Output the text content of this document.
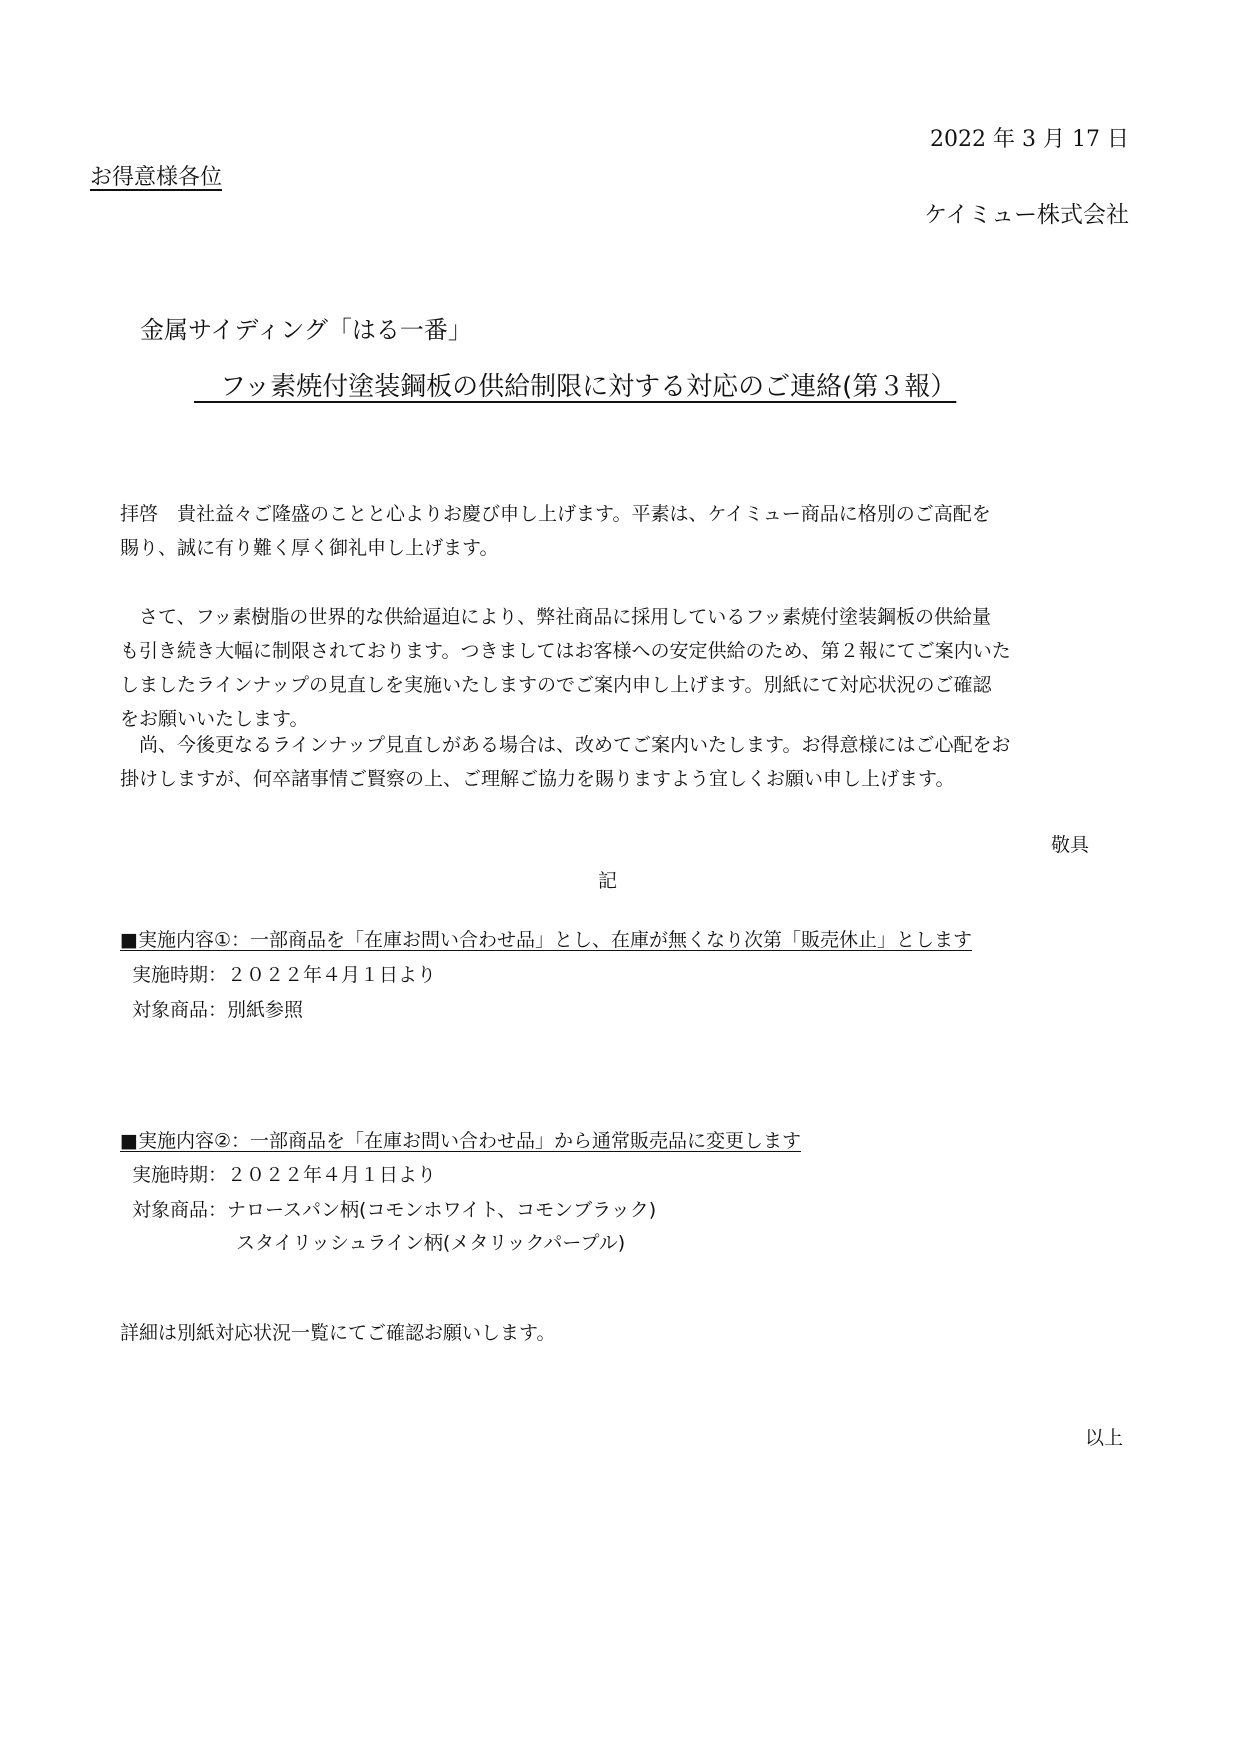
2022 年 3 月 17 日
お得意様各位
ケイミュー株式会社
金属サイディング「はる一番」
　フッ素焼付塗装鋼板の供給制限に対する対応のご連絡(第３報）
拝啓　貴社益々ご隆盛のことと心よりお慶び申し上げます。平素は、ケイミュー商品に格別のご高配を
賜り、誠に有り難く厚く御礼申し上げます。
　さて、フッ素樹脂の世界的な供給逼迫により、弊社商品に採用しているフッ素焼付塗装鋼板の供給量
も引き続き大幅に制限されております。つきましてはお客様への安定供給のため、第２報にてご案内いた
しましたラインナップの見直しを実施いたしますのでご案内申し上げます。別紙にて対応状況のご確認
をお願いいたします。
　尚、今後更なるラインナップ見直しがある場合は、改めてご案内いたします。お得意様にはご心配をお
掛けしますが、何卒諸事情ご賢察の上、ご理解ご協力を賜りますよう宜しくお願い申し上げます。
敬具
記
■実施内容①：一部商品を「在庫お問い合わせ品」とし、在庫が無くなり次第「販売休止」とします
実施時期：２０２２年４月１日より
対象商品：別紙参照
■実施内容②：一部商品を「在庫お問い合わせ品」から通常販売品に変更します
実施時期：２０２２年４月１日より
対象商品：ナロースパン柄(コモンホワイト、コモンブラック)
スタイリッシュライン柄(メタリックパープル)
詳細は別紙対応状況一覧にてご確認お願いします。
以上
